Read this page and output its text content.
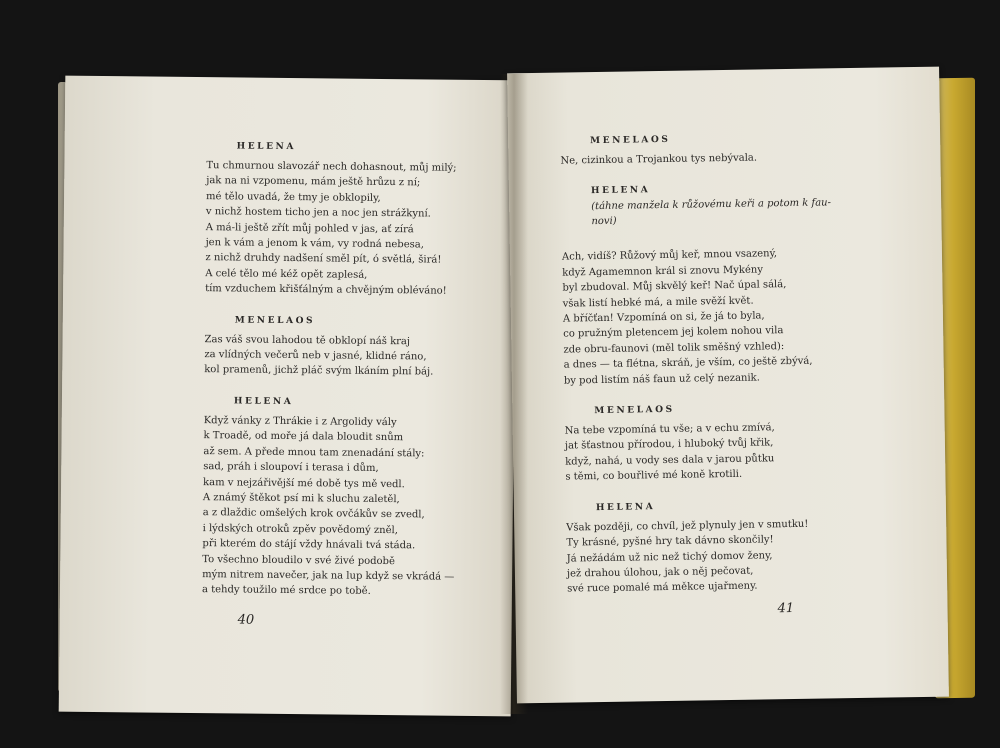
HELENA
Tu chmurnou slavozář nech dohasnout, můj milý;
jak na ni vzpomenu, mám ještě hrůzu z ní;
mé tělo uvadá, že tmy je obklopily,
v nichž hostem ticho jen a noc jen strážkyní.
A má-li ještě zřít můj pohled v jas, ať zírá
jen k vám a jenom k vám, vy rodná nebesa,
z nichž druhdy nadšení směl pít, ó světlá, širá!
A celé tělo mé kéž opět zaplesá,
tím vzduchem křišťálným a chvějným obléváno!
MENELAOS
Zas váš svou lahodou tě obklopí náš kraj
za vlídných večerů neb v jasné, klidné ráno,
kol pramenů, jichž pláč svým lkáním plní báj.
HELENA
Když vánky z Thrákie i z Argolidy vály
k Troadě, od moře já dala bloudit snům
až sem. A přede mnou tam znenadání stály:
sad, práh i sloupoví i terasa i dům,
kam v nejzářivější mé době tys mě vedl.
A známý štěkot psí mi k sluchu zaletěl,
a z dlaždic omšelých krok ovčákův se zvedl,
i lýdských otroků zpěv povědomý zněl,
při kterém do stájí vždy hnávali tvá stáda.
To všechno bloudilo v své živé podobě
mým nitrem navečer, jak na lup když se vkrádá —
a tehdy toužilo mé srdce po tobě.
40
MENELAOS
Ne, cizinkou a Trojankou tys nebývala.
HELENA
(táhne manžela k růžovému keři a potom k fau-
novi)
Ach, vidíš? Růžový můj keř, mnou vsazený,
když Agamemnon král si znovu Mykény
byl zbudoval. Můj skvělý keř! Nač úpal sálá,
však listí hebké má, a mile svěží květ.
A bříčťan! Vzpomíná on si, že já to byla,
co pružným pletencem jej kolem nohou vila
zde obru-faunovi (měl tolik směšný vzhled):
a dnes — ta flétna, skráň, je vším, co ještě zbývá,
by pod listím náš faun už celý nezanik.
MENELAOS
Na tebe vzpomíná tu vše; a v echu zmívá,
jat šťastnou přírodou, i hluboký tvůj křik,
když, nahá, u vody ses dala v jarou půtku
s těmi, co bouřlivé mé koně krotili.
HELENA
Však později, co chvíl, jež plynuly jen v smutku!
Ty krásné, pyšné hry tak dávno skončily!
Já nežádám už nic než tichý domov ženy,
jež drahou úlohou, jak o něj pečovat,
své ruce pomalé má měkce ujařmeny.
41
